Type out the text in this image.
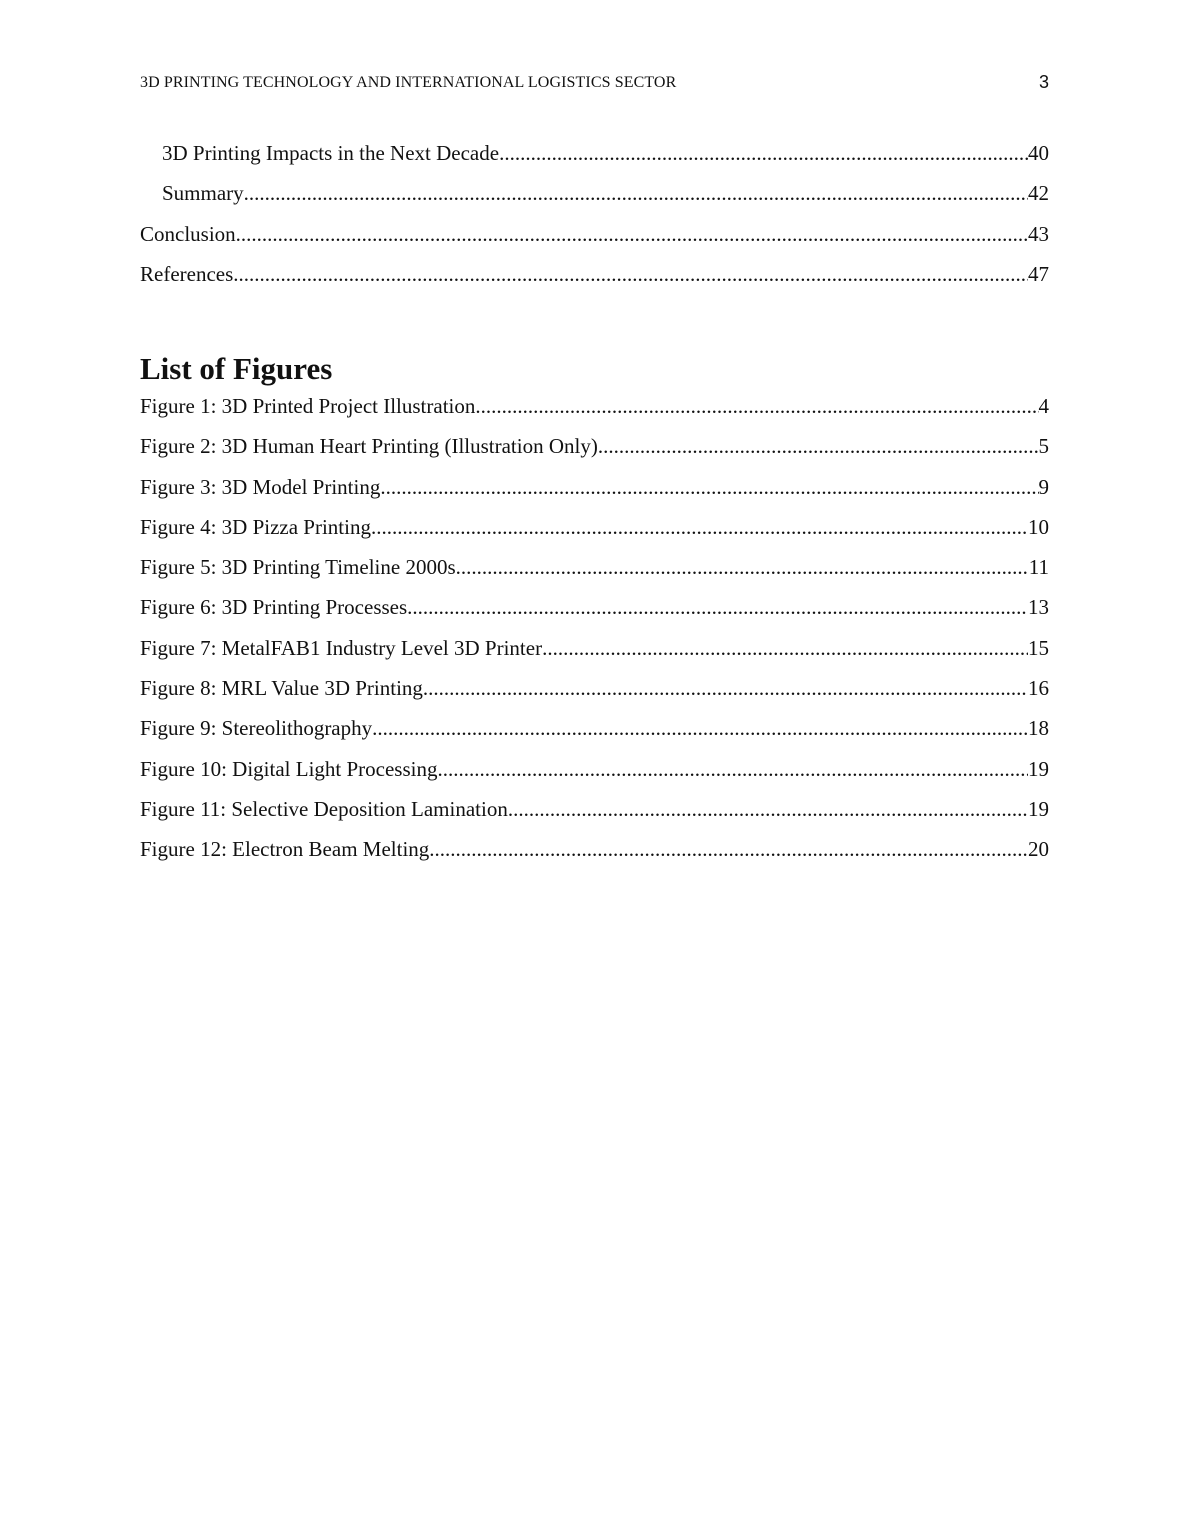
3D PRINTING TECHNOLOGY AND INTERNATIONAL LOGISTICS SECTOR	3
3D Printing Impacts in the Next Decade .....	40
Summary .....	42
Conclusion .....	43
References .....	47
List of Figures
Figure 1: 3D Printed Project Illustration .....	4
Figure 2: 3D Human Heart Printing (Illustration Only) .....	5
Figure 3: 3D Model Printing .....	9
Figure 4: 3D Pizza Printing .....	10
Figure 5: 3D Printing Timeline 2000s .....	11
Figure 6: 3D Printing Processes .....	13
Figure 7: MetalFAB1 Industry Level 3D Printer .....	15
Figure 8: MRL Value 3D Printing .....	16
Figure 9: Stereolithography .....	18
Figure 10: Digital Light Processing .....	19
Figure 11: Selective Deposition Lamination .....	19
Figure 12: Electron Beam Melting .....	20
